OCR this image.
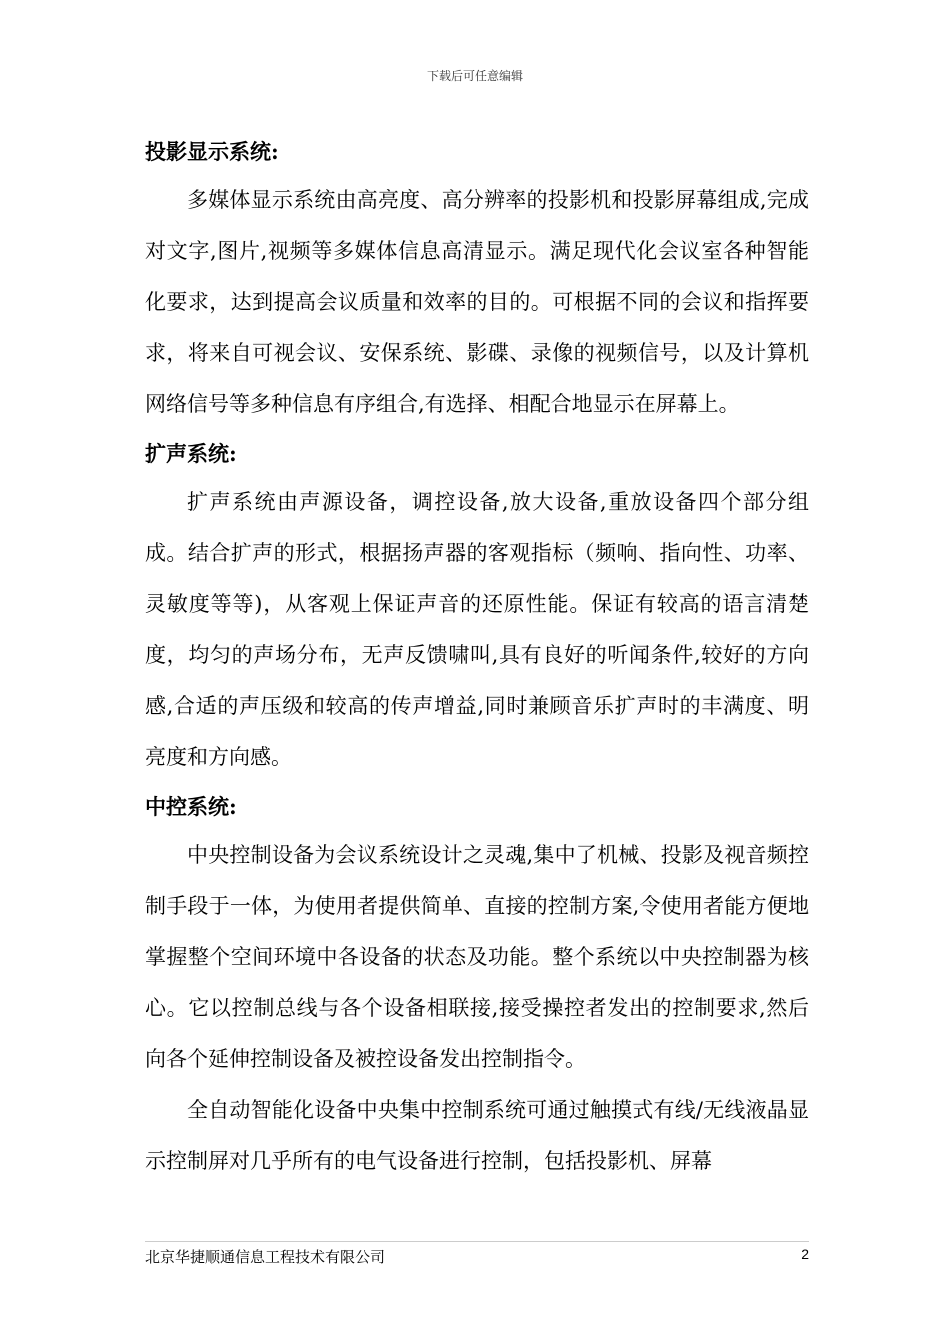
下载后可任意编辑
投影显示系统:

多媒体显示系统由高亮度、高分辨率的投影机和投影屏幕组成,完成对文字,图片,视频等多媒体信息高清显示。满足现代化会议室各种智能化要求，达到提高会议质量和效率的目的。可根据不同的会议和指挥要求，将来自可视会议、安保系统、影碟、录像的视频信号，以及计算机网络信号等多种信息有序组合,有选择、相配合地显示在屏幕上。

扩声系统:

扩声系统由声源设备，调控设备,放大设备,重放设备四个部分组成。结合扩声的形式，根据扬声器的客观指标（频响、指向性、功率、灵敏度等等)，从客观上保证声音的还原性能。保证有较高的语言清楚度，均匀的声场分布，无声反馈啸叫,具有良好的听闻条件,较好的方向感,合适的声压级和较高的传声增益,同时兼顾音乐扩声时的丰满度、明亮度和方向感。

中控系统:

中央控制设备为会议系统设计之灵魂,集中了机械、投影及视音频控制手段于一体，为使用者提供简单、直接的控制方案,令使用者能方便地掌握整个空间环境中各设备的状态及功能。整个系统以中央控制器为核心。它以控制总线与各个设备相联接,接受操控者发出的控制要求,然后向各个延伸控制设备及被控设备发出控制指令。

全自动智能化设备中央集中控制系统可通过触摸式有线/无线液晶显示控制屏对几乎所有的电气设备进行控制，包括投影机、屏幕

北京华捷顺通信息工程技术有限公司	2
